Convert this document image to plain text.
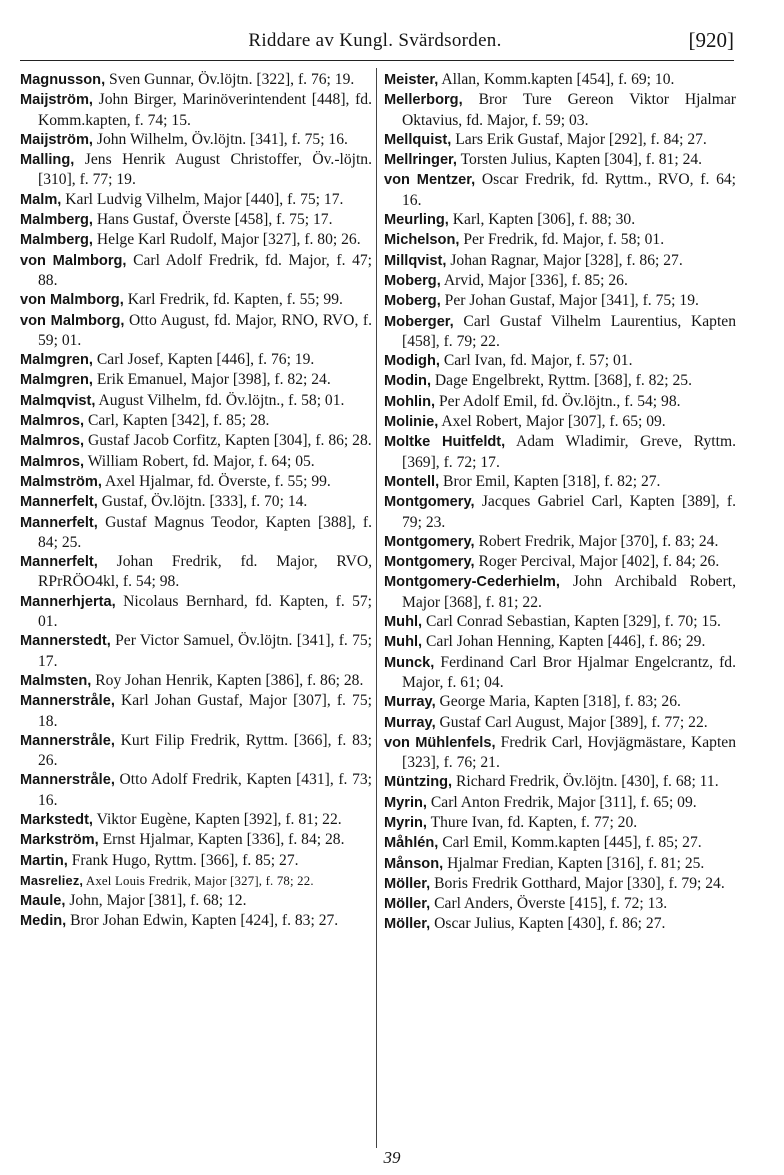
Riddare av Kungl. Svärdsorden.	[920]

Magnusson, Sven Gunnar, Öv.löjtn. [322], f. 76; 19.

Maijström, John Birger, Marinöverintendent [448], fd. Komm.kapten, f. 74; 15.

Maijström, John Wilhelm, Öv.löjtn. [341], f. 75; 16.

Malling, Jens Henrik August Christoffer, Öv.-löjtn. [310], f. 77; 19.

Malm, Karl Ludvig Vilhelm, Major [440], f. 75; 17.

Malmberg, Hans Gustaf, Överste [458], f. 75; 17.

Malmberg, Helge Karl Rudolf, Major [327], f. 80; 26.

von Malmborg, Carl Adolf Fredrik, fd. Major, f. 47; 88.

von Malmborg, Karl Fredrik, fd. Kapten, f. 55; 99.

von Malmborg, Otto August, fd. Major, RNO, RVO, f. 59; 01.

Malmgren, Carl Josef, Kapten [446], f. 76; 19.

Malmgren, Erik Emanuel, Major [398], f. 82; 24.

Malmqvist, August Vilhelm, fd. Öv.löjtn., f. 58; 01.

Malmros, Carl, Kapten [342], f. 85; 28.

Malmros, Gustaf Jacob Corfitz, Kapten [304], f. 86; 28.

Malmros, William Robert, fd. Major, f. 64; 05.

Malmström, Axel Hjalmar, fd. Överste, f. 55; 99.

Mannerfelt, Gustaf, Öv.löjtn. [333], f. 70; 14.

Mannerfelt, Gustaf Magnus Teodor, Kapten [388], f. 84; 25.

Mannerfelt, Johan Fredrik, fd. Major, RVO, RPrRÖO4kl, f. 54; 98.

Mannerhjerta, Nicolaus Bernhard, fd. Kapten, f. 57; 01.

Mannerstedt, Per Victor Samuel, Öv.löjtn. [341], f. 75; 17.

Malmsten, Roy Johan Henrik, Kapten [386], f. 86; 28.

Mannerstråle, Karl Johan Gustaf, Major [307], f. 75; 18.

Mannerstråle, Kurt Filip Fredrik, Ryttm. [366], f. 83; 26.

Mannerstråle, Otto Adolf Fredrik, Kapten [431], f. 73; 16.

Markstedt, Viktor Eugène, Kapten [392], f. 81; 22.

Markström, Ernst Hjalmar, Kapten [336], f. 84; 28.

Martin, Frank Hugo, Ryttm. [366], f. 85; 27.

Masreliez, Axel Louis Fredrik, Major [327], f. 78; 22.

Maule, John, Major [381], f. 68; 12.

Medin, Bror Johan Edwin, Kapten [424], f. 83; 27.

Meister, Allan, Komm.kapten [454], f. 69; 10.

Mellerborg, Bror Ture Gereon Viktor Hjalmar Oktavius, fd. Major, f. 59; 03.

Mellquist, Lars Erik Gustaf, Major [292], f. 84; 27.

Mellringer, Torsten Julius, Kapten [304], f. 81; 24.

von Mentzer, Oscar Fredrik, fd. Ryttm., RVO, f. 64; 16.

Meurling, Karl, Kapten [306], f. 88; 30.

Michelson, Per Fredrik, fd. Major, f. 58; 01.

Millqvist, Johan Ragnar, Major [328], f. 86; 27.

Moberg, Arvid, Major [336], f. 85; 26.

Moberg, Per Johan Gustaf, Major [341], f. 75; 19.

Moberger, Carl Gustaf Vilhelm Laurentius, Kapten [458], f. 79; 22.

Modigh, Carl Ivan, fd. Major, f. 57; 01.

Modin, Dage Engelbrekt, Ryttm. [368], f. 82; 25.

Mohlin, Per Adolf Emil, fd. Öv.löjtn., f. 54; 98.

Molinie, Axel Robert, Major [307], f. 65; 09.

Moltke Huitfeldt, Adam Wladimir, Greve, Ryttm. [369], f. 72; 17.

Montell, Bror Emil, Kapten [318], f. 82; 27.

Montgomery, Jacques Gabriel Carl, Kapten [389], f. 79; 23.

Montgomery, Robert Fredrik, Major [370], f. 83; 24.

Montgomery, Roger Percival, Major [402], f. 84; 26.

Montgomery-Cederhielm, John Archibald Robert, Major [368], f. 81; 22.

Muhl, Carl Conrad Sebastian, Kapten [329], f. 70; 15.

Muhl, Carl Johan Henning, Kapten [446], f. 86; 29.

Munck, Ferdinand Carl Bror Hjalmar Engelcrantz, fd. Major, f. 61; 04.

Murray, George Maria, Kapten [318], f. 83; 26.

Murray, Gustaf Carl August, Major [389], f. 77; 22.

von Mühlenfels, Fredrik Carl, Hovjägmästare, Kapten [323], f. 76; 21.

Müntzing, Richard Fredrik, Öv.löjtn. [430], f. 68; 11.

Myrin, Carl Anton Fredrik, Major [311], f. 65; 09.

Myrin, Thure Ivan, fd. Kapten, f. 77; 20.

Måhlén, Carl Emil, Komm.kapten [445], f. 85; 27.

Månson, Hjalmar Fredian, Kapten [316], f. 81; 25.

Möller, Boris Fredrik Gotthard, Major [330], f. 79; 24.

Möller, Carl Anders, Överste [415], f. 72; 13.

Möller, Oscar Julius, Kapten [430], f. 86; 27.

39
